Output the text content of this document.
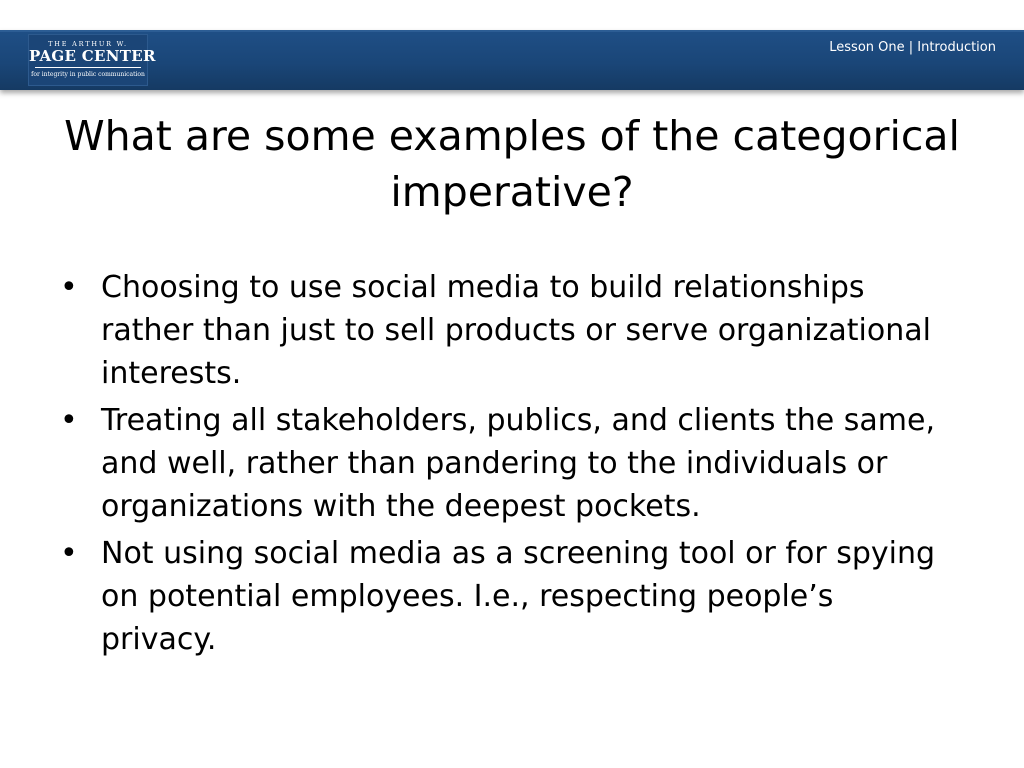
THE ARTHUR W.
PAGE CENTER
for integrity in public communication
Lesson One | Introduction
What are some examples of the categorical imperative?
• Choosing to use social media to build relationships rather than just to sell products or serve organizational interests.
• Treating all stakeholders, publics, and clients the same, and well, rather than pandering to the individuals or organizations with the deepest pockets.
• Not using social media as a screening tool or for spying on potential employees. I.e., respecting people’s privacy.
